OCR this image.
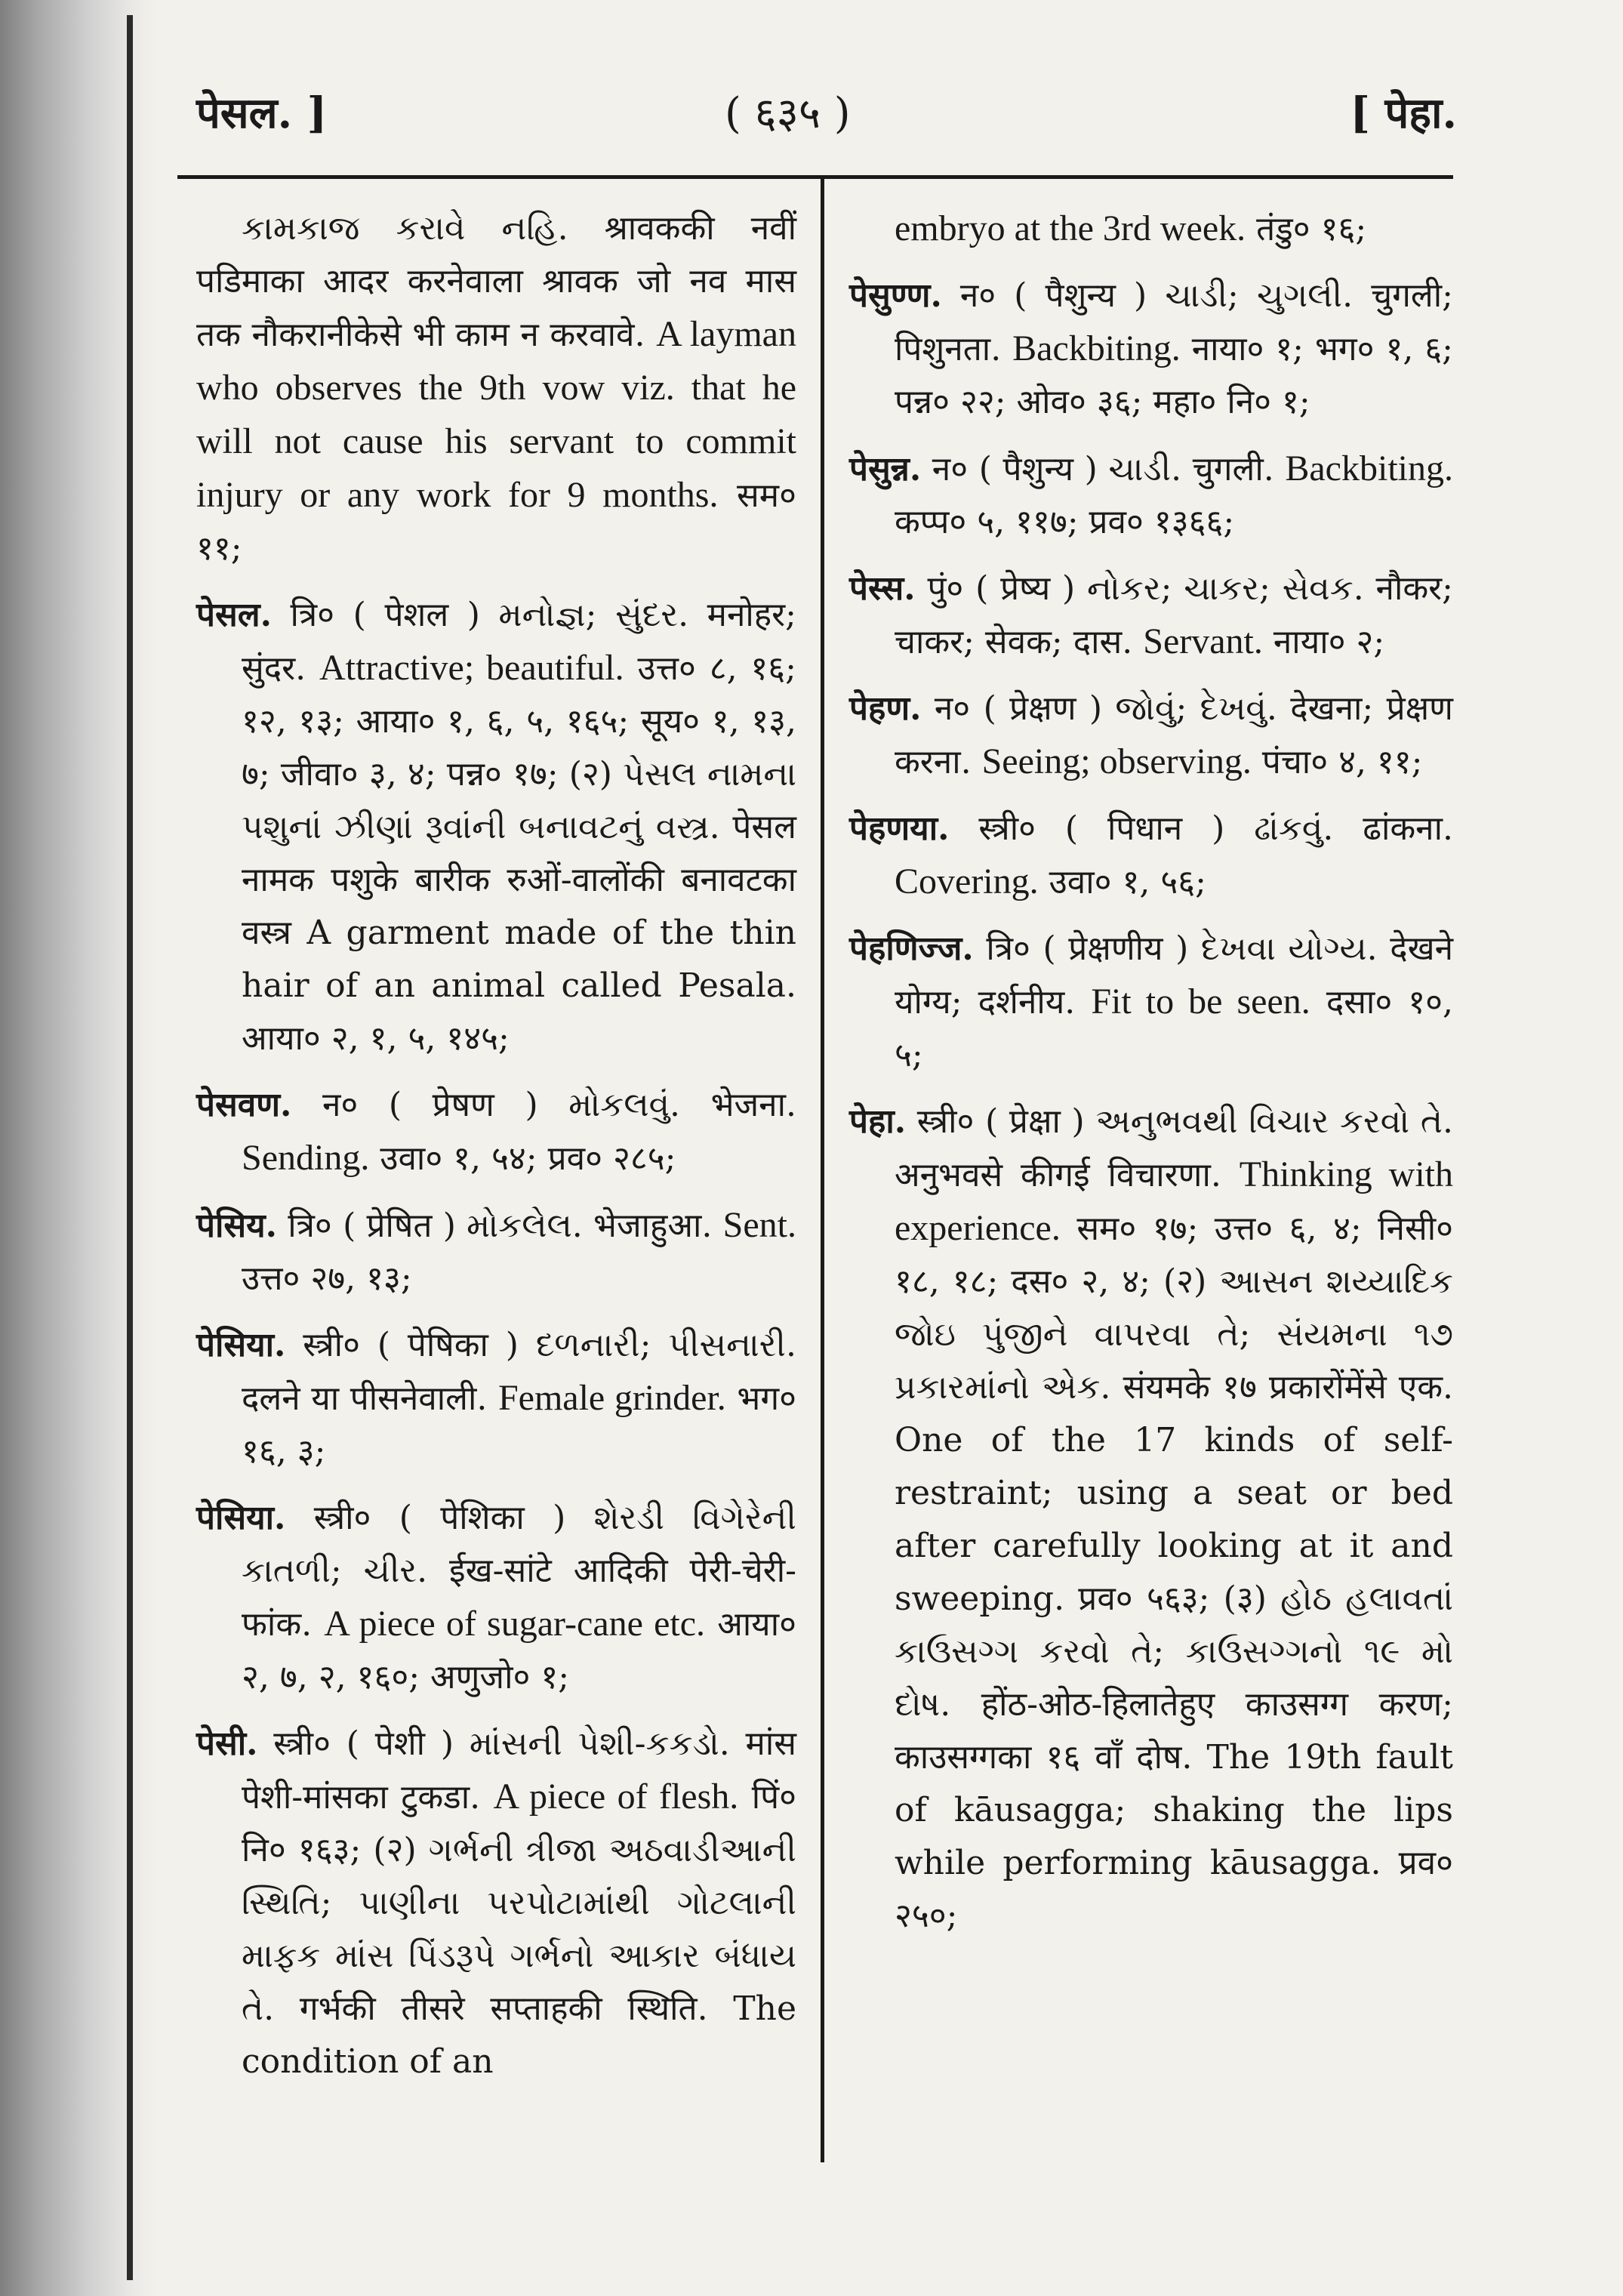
पेसल. ]	( ६३५ )	[ पेहा.

કામકાજ કરાવે નહિ. श्रावककी नवीं पडिमाका आदर करनेवाला श्रावक जो नव मास तक नौकरानीकेसे भी काम न करवावे. A layman who observes the 9th vow viz. that he will not cause his servant to commit injury or any work for 9 months. सम० ११;

पेसल. त्रि० ( पेशल ) મનોજ્ઞ; સુંદર. मनोहर; सुंदर. Attractive; beautiful. उत्त० ८, १६; १२, १३; आया० १, ६, ५, १६५; सूय० १, १३, ७; जीवा० ३, ४; पन्न० १७; (२) પેસલ નામના પશુનાં ઝીણાં રૂવાંની બનાવટનું વસ્ત્ર. पेसल नामक पशुके बारीक रुओं-वालोंकी बनावटका वस्त्र A garment made of the thin hair of an animal called Pesala. आया० २, १, ५, १४५;

पेसवण. न० ( प्रेषण ) મોકલવું. भेजना. Sending. उवा० १, ५४; प्रव० २८५;

पेसिय. त्रि० ( प्रेषित ) મોકલેલ. भेजाहुआ. Sent. उत्त० २७, १३;

पेसिया. स्त्री० ( पेषिका ) દળનારી; પીસનારી. दलने या पीसनेवाली. Female grinder. भग० १६, ३;

पेसिया. स्त्री० ( पेशिका ) શેરડી વિગેરેની કાતળી; ચીર. ईख-सांटे आदिकी पेरी-चेरी-फांक. A piece of sugar-cane etc. आया० २, ७, २, १६०; अणुजो० १;

पेसी. स्त्री० ( पेशी ) માંસની પેશી-કકડો. मांस पेशी-मांसका टुकडा. A piece of flesh. पिं० नि० १६३; (२) ગર્ભની ત્રીજા અઠવાડીઆની સ્થિતિ; પાણીના પરપોટામાંથી ગોટલાની માફક માંસ પિંડરૂપે ગર્ભનો આકાર બંધાય તે. गर्भकी तीसरे सप्ताहकी स्थिति. The condition of an

embryo at the 3rd week. तंडु० १६;

पेसुण्ण. न० ( पैशुन्य ) ચાડી; ચુગલી. चुगली; पिशुनता. Backbiting. नाया० १; भग० १, ६; पन्न० २२; ओव० ३६; महा० नि० १;

पेसुन्न. न० ( पैशुन्य ) ચાડી. चुगली. Backbiting. कप्प० ५, ११७; प्रव० १३६६;

पेस्स. पुं० ( प्रेष्य ) નોકર; ચાકર; સેવક. नौकर; चाकर; सेवक; दास. Servant. नाया० २;

पेहण. न० ( प्रेक्षण ) જોવું; દેખવું. देखना; प्रेक्षण करना. Seeing; observing. पंचा० ४, ११;

पेहणया. स्त्री० ( पिधान ) ઢાંકવું. ढांकना. Covering. उवा० १, ५६;

पेहणिज्ज. त्रि० ( प्रेक्षणीय ) દેખવા યોગ્ય. देखने योग्य; दर्शनीय. Fit to be seen. दसा० १०, ५;

पेहा. स्त्री० ( प्रेक्षा ) અનુભવથી વિચાર કરવો તે. अनुभवसे कीगई विचारणा. Thinking with experience. सम० १७; उत्त० ६, ४; निसी० १८, १८; दस० २, ४; (२) આસન શય્યાદિક જોઇ પુંજીને વાપરવા તે; સંયમના ૧૭ પ્રકારમાંનો એક. संयमके १७ प्रकारोंमेंसे एक. One of the 17 kinds of self-restraint; using a seat or bed after carefully looking at it and sweeping. प्रव० ५६३; (३) હોઠ હલાવતાં કાઉસગ્ગ કરવો તે; કાઉસગ્ગનો ૧૯ મો દોષ. होंठ-ओठ-हिलातेहुए काउसग्ग करण; काउसग्गका १६ वाँ दोष. The 19th fault of kāusagga; shaking the lips while performing kāusagga. प्रव० २५०;
